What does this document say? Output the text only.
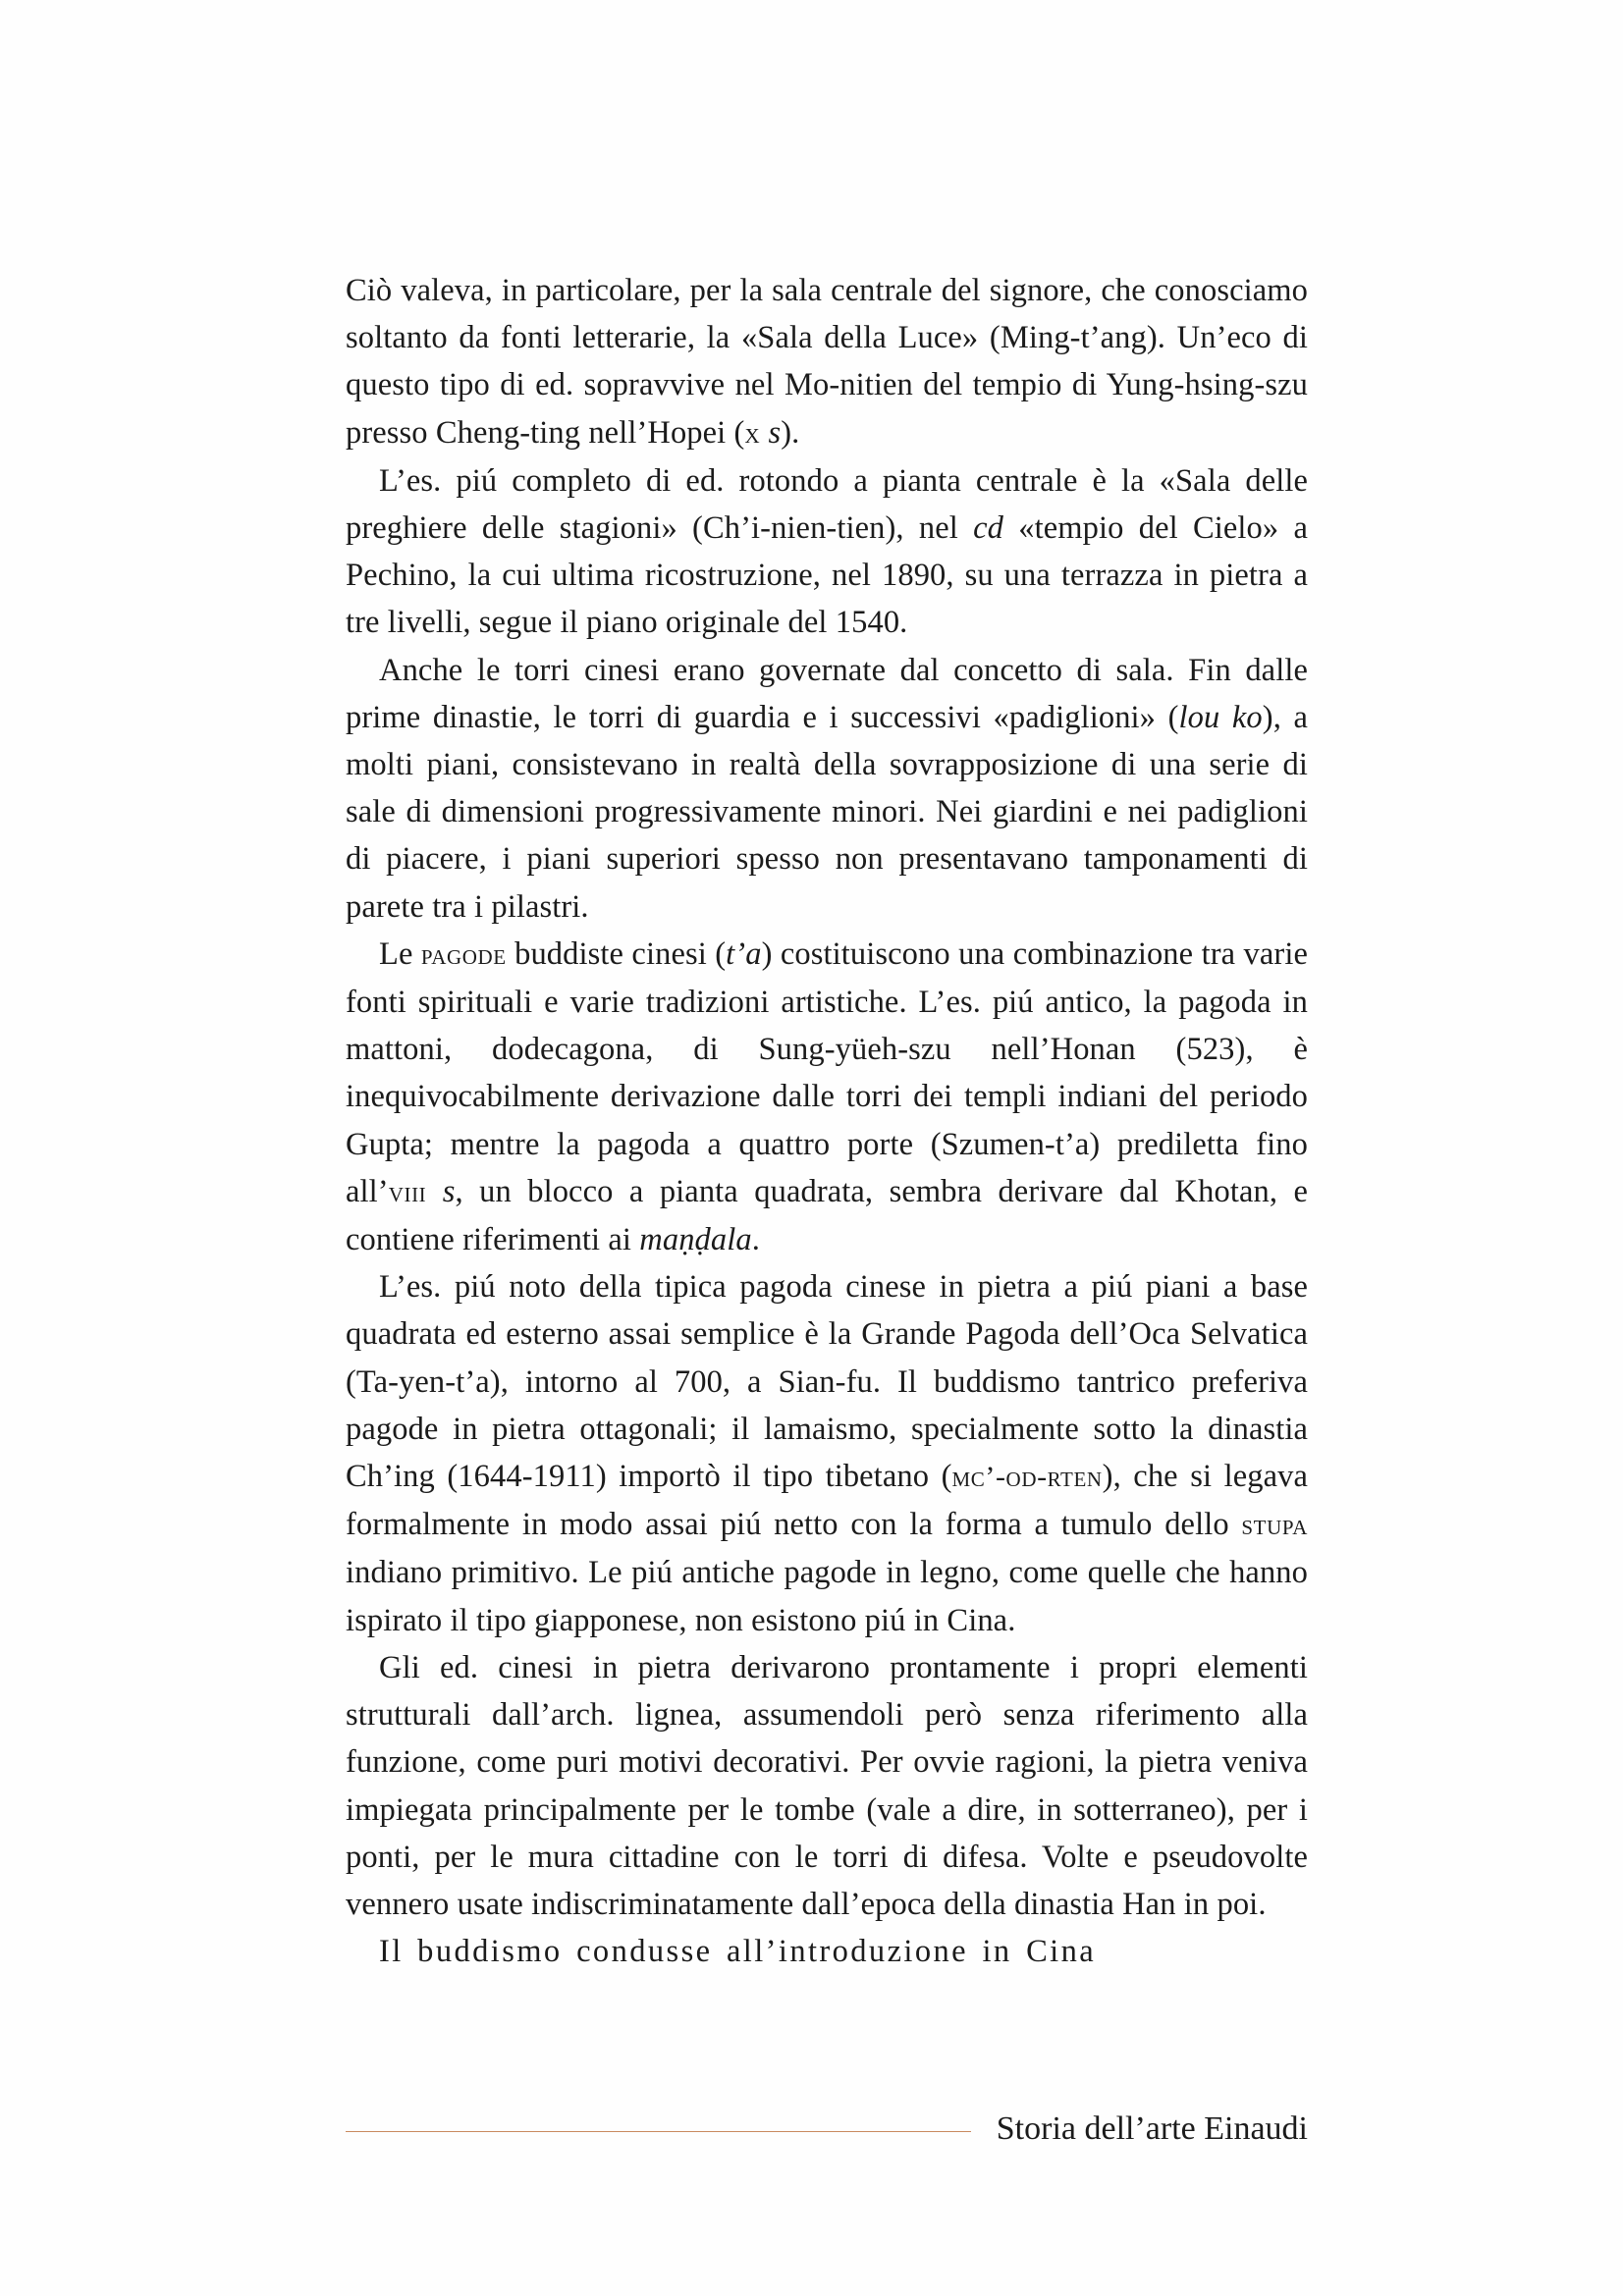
Ciò valeva, in particolare, per la sala centrale del signore, che conosciamo soltanto da fonti letterarie, la «Sala della Luce» (Ming-t’ang). Un’eco di questo tipo di ed. sopravvive nel Mo-nitien del tempio di Yung-hsing-szu presso Cheng-ting nell’Hopei (x s).

L’es. piú completo di ed. rotondo a pianta centrale è la «Sala delle preghiere delle stagioni» (Ch’i-nien-tien), nel cd «tempio del Cielo» a Pechino, la cui ultima ricostruzione, nel 1890, su una terrazza in pietra a tre livelli, segue il piano originale del 1540.

Anche le torri cinesi erano governate dal concetto di sala. Fin dalle prime dinastie, le torri di guardia e i successivi «padiglioni» (lou ko), a molti piani, consistevano in realtà della sovrapposizione di una serie di sale di dimensioni progressivamente minori. Nei giardini e nei padiglioni di piacere, i piani superiori spesso non presentavano tamponamenti di parete tra i pilastri.

Le pagode buddiste cinesi (t’a) costituiscono una combinazione tra varie fonti spirituali e varie tradizioni artistiche. L’es. piú antico, la pagoda in mattoni, dodecagona, di Sung-yüeh-szu nell’Honan (523), è inequivocabilmente derivazione dalle torri dei templi indiani del periodo Gupta; mentre la pagoda a quattro porte (Szumen-t’a) prediletta fino all’viii s, un blocco a pianta quadrata, sembra derivare dal Khotan, e contiene riferimenti ai maṇḍala.

L’es. piú noto della tipica pagoda cinese in pietra a piú piani a base quadrata ed esterno assai semplice è la Grande Pagoda dell’Oca Selvatica (Ta-yen-t’a), intorno al 700, a Sian-fu. Il buddismo tantrico preferiva pagode in pietra ottagonali; il lamaismo, specialmente sotto la dinastia Ch’ing (1644-1911) importò il tipo tibetano (mc’-od-rten), che si legava formalmente in modo assai piú netto con la forma a tumulo dello stupa indiano primitivo. Le piú antiche pagode in legno, come quelle che hanno ispirato il tipo giapponese, non esistono piú in Cina.

Gli ed. cinesi in pietra derivarono prontamente i propri elementi strutturali dall’arch. lignea, assumendoli però senza riferimento alla funzione, come puri motivi decorativi. Per ovvie ragioni, la pietra veniva impiegata principalmente per le tombe (vale a dire, in sotterraneo), per i ponti, per le mura cittadine con le torri di difesa. Volte e pseudovolte vennero usate indiscriminatamente dall’epoca della dinastia Han in poi.

Il buddismo condusse all’introduzione in Cina

Storia dell’arte Einaudi
